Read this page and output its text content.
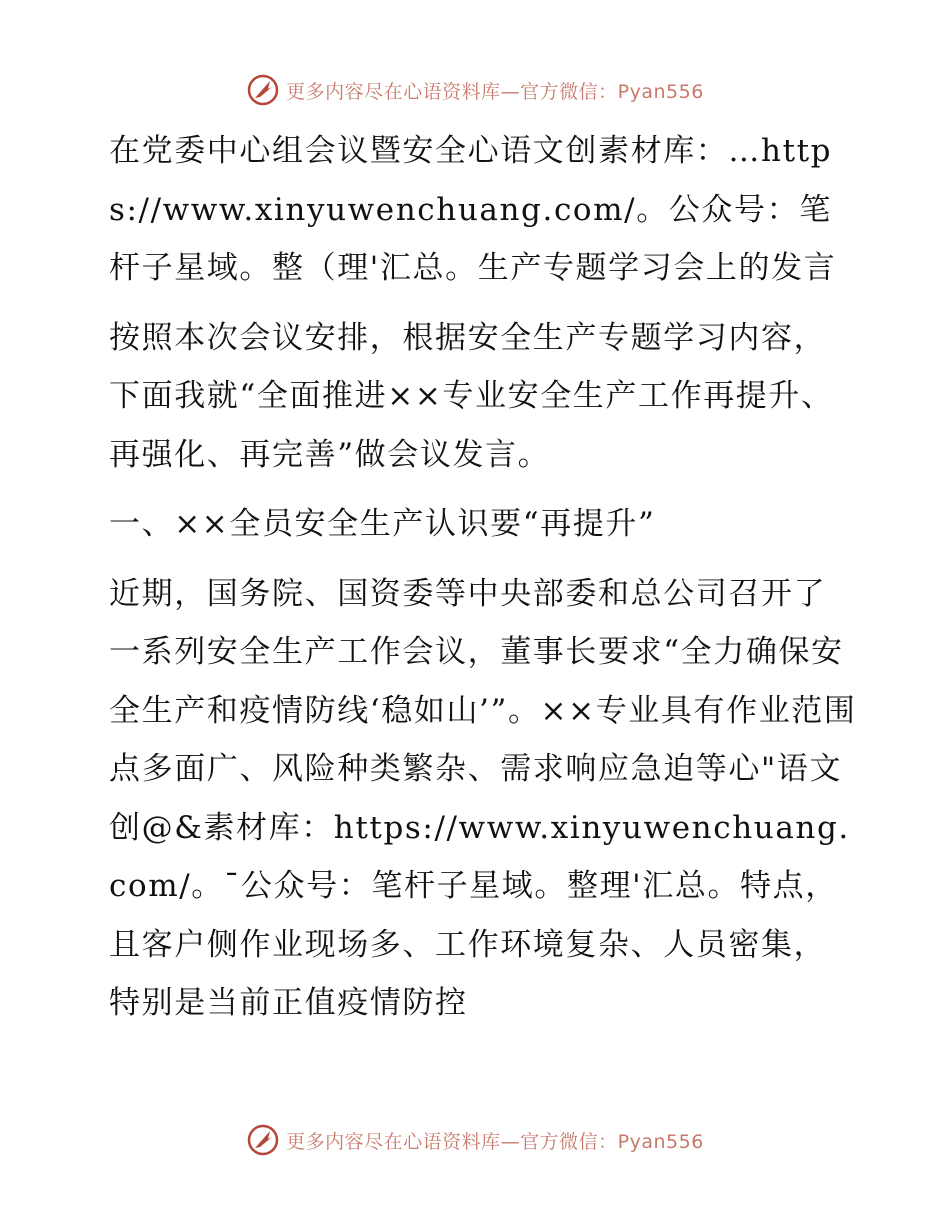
更多内容尽在心语资料库—官方微信：Pyan556

在党委中心组会议暨安全心语文创素材库：…https://www.xinyuwenchuang.com/。公众号：笔杆子星域。整（理'汇总。生产专题学习会上的发言

按照本次会议安排，根据安全生产专题学习内容，下面我就“全面推进××专业安全生产工作再提升、再强化、再完善”做会议发言。

一、××全员安全生产认识要“再提升”

近期，国务院、国资委等中央部委和总公司召开了一系列安全生产工作会议，董事长要求“全力确保安全生产和疫情防线‘稳如山’”。××专业具有作业范围点多面广、风险种类繁杂、需求响应急迫等心"语文创@&素材库：https://www.xinyuwenchuang.com/。¯公众号：笔杆子星域。整理'汇总。特点，且客户侧作业现场多、工作环境复杂、人员密集，特别是当前正值疫情防控

更多内容尽在心语资料库—官方微信：Pyan556
